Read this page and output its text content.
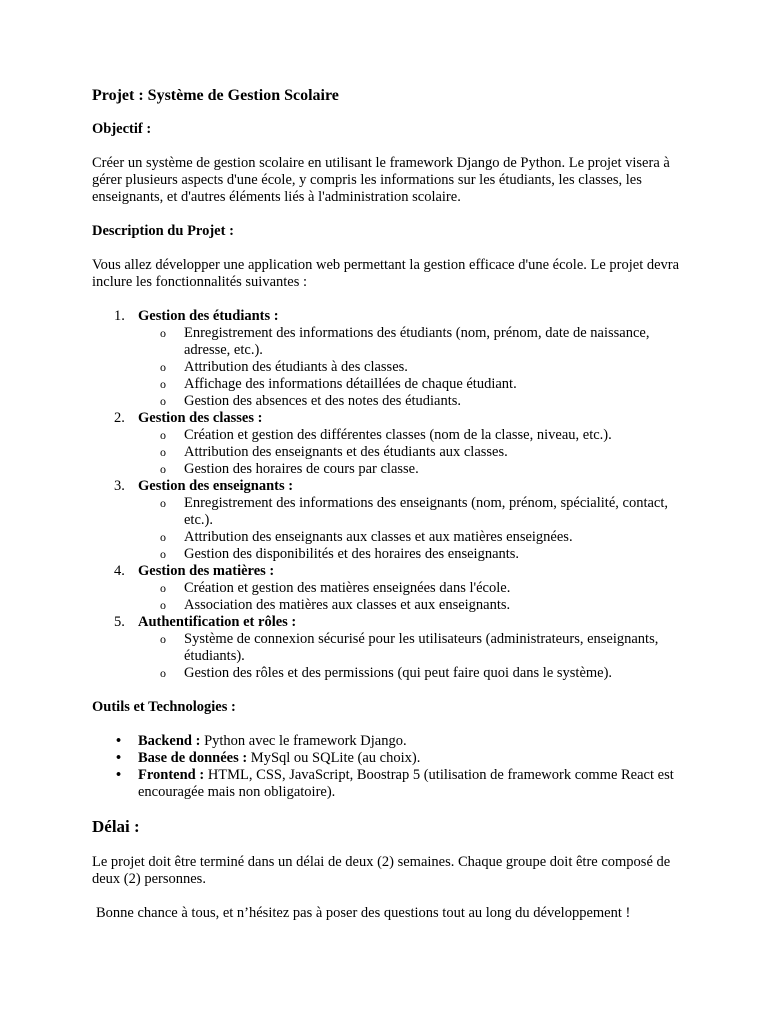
Projet : Système de Gestion Scolaire
Objectif :

Créer un système de gestion scolaire en utilisant le framework Django de Python. Le projet visera à gérer plusieurs aspects d'une école, y compris les informations sur les étudiants, les classes, les enseignants, et d'autres éléments liés à l'administration scolaire.

Description du Projet :

Vous allez développer une application web permettant la gestion efficace d'une école. Le projet devra inclure les fonctionnalités suivantes :

1. Gestion des étudiants :
o Enregistrement des informations des étudiants (nom, prénom, date de naissance, adresse, etc.).
o Attribution des étudiants à des classes.
o Affichage des informations détaillées de chaque étudiant.
o Gestion des absences et des notes des étudiants.
2. Gestion des classes :
o Création et gestion des différentes classes (nom de la classe, niveau, etc.).
o Attribution des enseignants et des étudiants aux classes.
o Gestion des horaires de cours par classe.
3. Gestion des enseignants :
o Enregistrement des informations des enseignants (nom, prénom, spécialité, contact, etc.).
o Attribution des enseignants aux classes et aux matières enseignées.
o Gestion des disponibilités et des horaires des enseignants.
4. Gestion des matières :
o Création et gestion des matières enseignées dans l'école.
o Association des matières aux classes et aux enseignants.
5. Authentification et rôles :
o Système de connexion sécurisé pour les utilisateurs (administrateurs, enseignants, étudiants).
o Gestion des rôles et des permissions (qui peut faire quoi dans le système).
Outils et Technologies :
• Backend : Python avec le framework Django.
• Base de données : MySql ou SQLite (au choix).
• Frontend : HTML, CSS, JavaScript, Boostrap 5 (utilisation de framework comme React est encouragée mais non obligatoire).
Délai :

Le projet doit être terminé dans un délai de deux (2) semaines. Chaque groupe doit être composé de deux (2) personnes.

Bonne chance à tous, et n’hésitez pas à poser des questions tout au long du développement !
